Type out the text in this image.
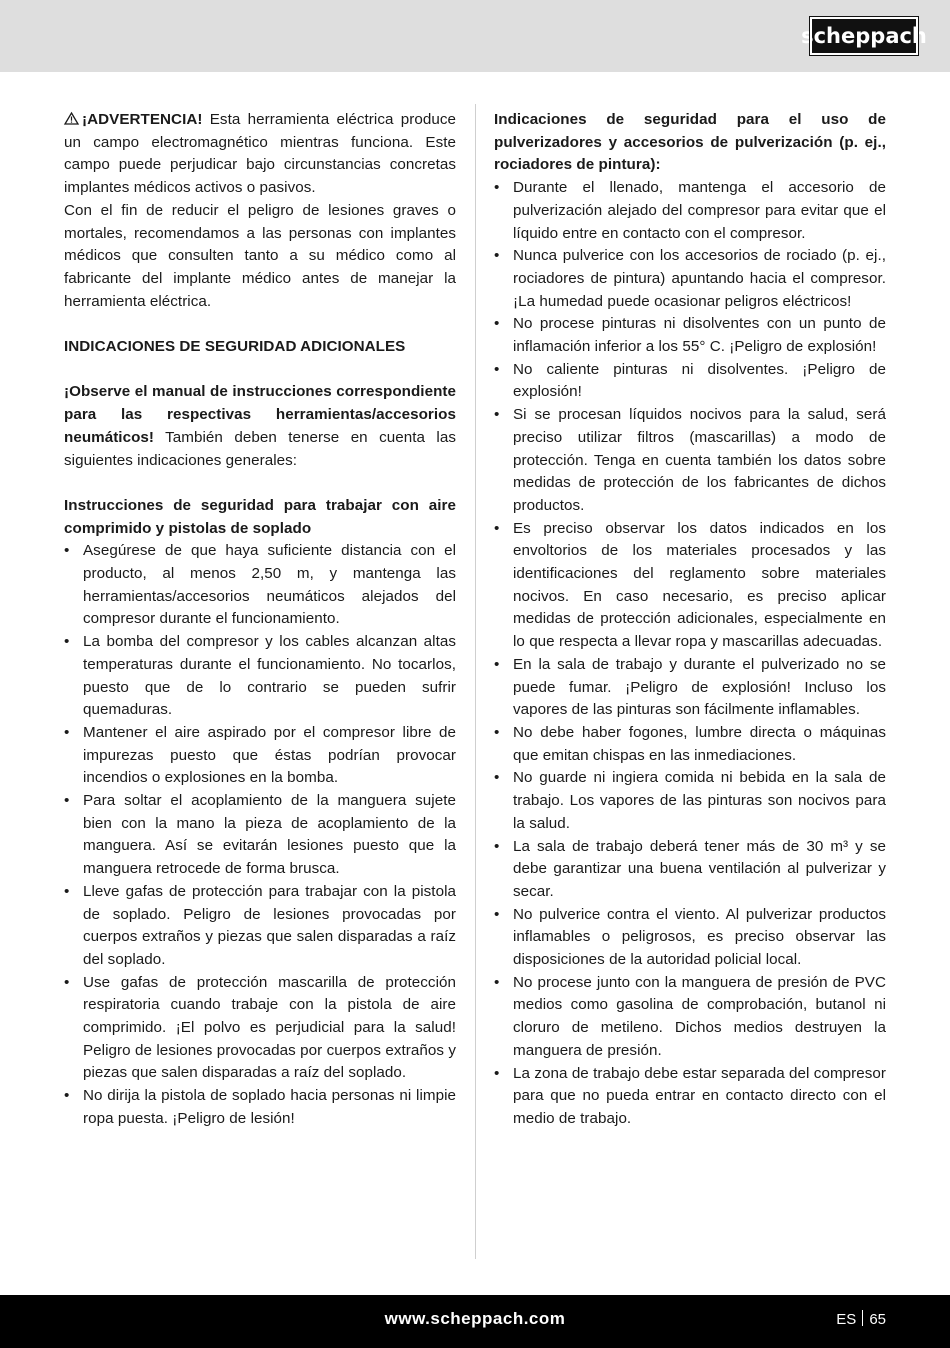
scheppach

¡ADVERTENCIA! Esta herramienta eléctrica produce un campo electromagnético mientras funciona. Este campo puede perjudicar bajo circunstancias concretas implantes médicos activos o pasivos.

Con el fin de reducir el peligro de lesiones graves o mortales, recomendamos a las personas con implantes médicos que consulten tanto a su médico como al fabricante del implante médico antes de manejar la herramienta eléctrica.

INDICACIONES DE SEGURIDAD ADICIONALES

¡Observe el manual de instrucciones correspondiente para las respectivas herramientas/accesorios neumáticos! También deben tenerse en cuenta las siguientes indicaciones generales:

Instrucciones de seguridad para trabajar con aire comprimido y pistolas de soplado

• Asegúrese de que haya suficiente distancia con el producto, al menos 2,50 m, y mantenga las herramientas/accesorios neumáticos alejados del compresor durante el funcionamiento.
• La bomba del compresor y los cables alcanzan altas temperaturas durante el funcionamiento. No tocarlos, puesto que de lo contrario se pueden sufrir quemaduras.
• Mantener el aire aspirado por el compresor libre de impurezas puesto que éstas podrían provocar incendios o explosiones en la bomba.
• Para soltar el acoplamiento de la manguera sujete bien con la mano la pieza de acoplamiento de la manguera. Así se evitarán lesiones puesto que la manguera retrocede de forma brusca.
• Lleve gafas de protección para trabajar con la pistola de soplado. Peligro de lesiones provocadas por cuerpos extraños y piezas que salen disparadas a raíz del soplado.
• Use gafas de protección mascarilla de protección respiratoria cuando trabaje con la pistola de aire comprimido. ¡El polvo es perjudicial para la salud! Peligro de lesiones provocadas por cuerpos extraños y piezas que salen disparadas a raíz del soplado.
• No dirija la pistola de soplado hacia personas ni limpie ropa puesta. ¡Peligro de lesión!

Indicaciones de seguridad para el uso de pulverizadores y accesorios de pulverización (p. ej., rociadores de pintura):

• Durante el llenado, mantenga el accesorio de pulverización alejado del compresor para evitar que el líquido entre en contacto con el compresor.
• Nunca pulverice con los accesorios de rociado (p. ej., rociadores de pintura) apuntando hacia el compresor. ¡La humedad puede ocasionar peligros eléctricos!
• No procese pinturas ni disolventes con un punto de inflamación inferior a los 55° C. ¡Peligro de explosión!
• No caliente pinturas ni disolventes. ¡Peligro de explosión!
• Si se procesan líquidos nocivos para la salud, será preciso utilizar filtros (mascarillas) a modo de protección. Tenga en cuenta también los datos sobre medidas de protección de los fabricantes de dichos productos.
• Es preciso observar los datos indicados en los envoltorios de los materiales procesados y las identificaciones del reglamento sobre materiales nocivos. En caso necesario, es preciso aplicar medidas de protección adicionales, especialmente en lo que respecta a llevar ropa y mascarillas adecuadas.
• En la sala de trabajo y durante el pulverizado no se puede fumar. ¡Peligro de explosión! Incluso los vapores de las pinturas son fácilmente inflamables.
• No debe haber fogones, lumbre directa o máquinas que emitan chispas en las inmediaciones.
• No guarde ni ingiera comida ni bebida en la sala de trabajo. Los vapores de las pinturas son nocivos para la salud.
• La sala de trabajo deberá tener más de 30 m³ y se debe garantizar una buena ventilación al pulverizar y secar.
• No pulverice contra el viento. Al pulverizar productos inflamables o peligrosos, es preciso observar las disposiciones de la autoridad policial local.
• No procese junto con la manguera de presión de PVC medios como gasolina de comprobación, butanol ni cloruro de metileno. Dichos medios destruyen la manguera de presión.
• La zona de trabajo debe estar separada del compresor para que no pueda entrar en contacto directo con el medio de trabajo.
www.scheppach.com	ES 65
